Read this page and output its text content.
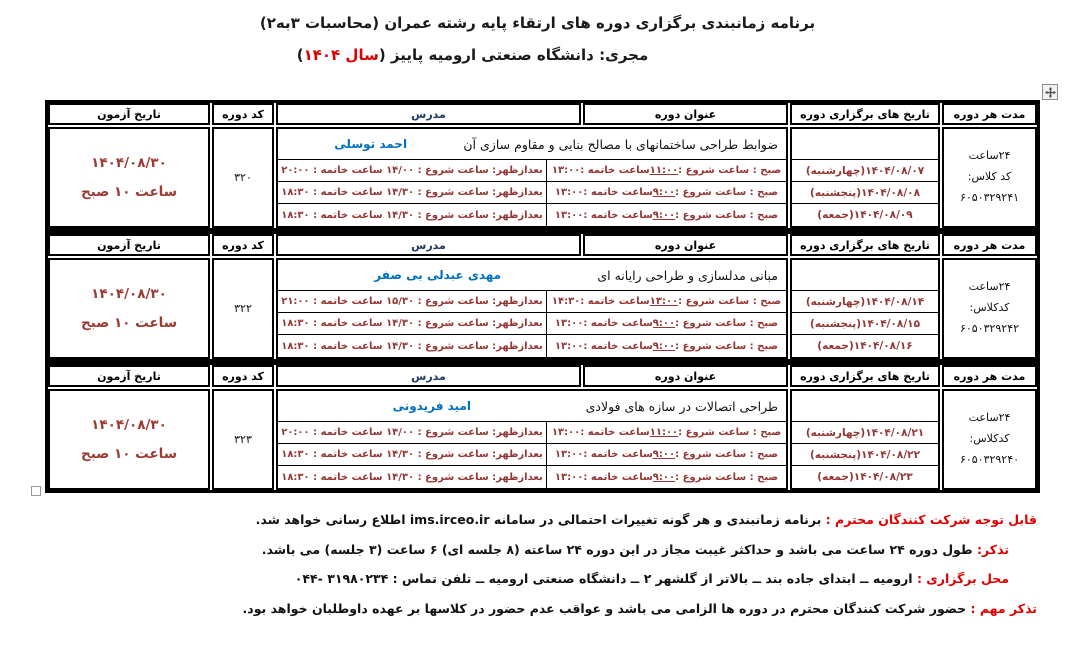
برنامه زمانبندی برگزاری دوره های ارتقاء پایه رشته عمران (محاسبات ۳به۲)
مجری: دانشگاه صنعتی ارومیه پاییز (سال ۱۴۰۴)
مدت هر دوره
تاریخ های برگزاری دوره
عنوان دوره
مدرس
کد دوره
تاریخ آزمون
۲۴ساعت
کد کلاس:
۶۰۵۰۳۲۹۲۴۱
۱۴۰۴/۰۸/۰۷(چهارشنبه)
۱۴۰۴/۰۸/۰۸(پنجشنبه)
۱۴۰۴/۰۸/۰۹(جمعه)
ضوابط طراحی ساختمانهای با مصالح بنایی و مقاوم سازی آن
احمد توسلی
صبح : ساعت شروع :
۱۱:۰۰
ساعت خاتمه :
۱۳:۰۰
بعدازظهر: ساعت شروع : ۱۴/۰۰ ساعت خاتمه : ۲۰:۰۰
صبح : ساعت شروع :
۹:۰۰
ساعت خاتمه :
۱۳:۰۰
بعدازظهر: ساعت شروع : ۱۴/۳۰ ساعت خاتمه : ۱۸:۳۰
صبح : ساعت شروع :
۹:۰۰
ساعت خاتمه :
۱۳:۰۰
بعدازظهر: ساعت شروع : ۱۴/۳۰ ساعت خاتمه : ۱۸:۳۰
۳۲۰
۱۴۰۴/۰۸/۳۰
ساعت ۱۰ صبح
مدت هر دوره
تاریخ های برگزاری دوره
عنوان دوره
مدرس
کد دوره
تاریخ آزمون
۲۴ساعت
کدکلاس:
۶۰۵۰۳۲۹۲۴۲
۱۴۰۴/۰۸/۱۴(چهارشنبه)
۱۴۰۴/۰۸/۱۵(پنجشنبه)
۱۴۰۴/۰۸/۱۶(جمعه)
مبانی مدلسازی و طراحی رایانه ای
مهدی عبدلی بی صفر
صبح : ساعت شروع :
۱۳:۰۰
ساعت خاتمه :
۱۴:۳۰
بعدازظهر: ساعت شروع : ۱۵/۳۰ ساعت خاتمه : ۲۱:۰۰
صبح : ساعت شروع :
۹:۰۰
ساعت خاتمه :
۱۳:۰۰
بعدازظهر: ساعت شروع : ۱۴/۳۰ ساعت خاتمه : ۱۸:۳۰
صبح : ساعت شروع :
۹:۰۰
ساعت خاتمه :
۱۳:۰۰
بعدازظهر: ساعت شروع : ۱۴/۳۰ ساعت خاتمه : ۱۸:۳۰
۳۲۲
۱۴۰۴/۰۸/۳۰
ساعت ۱۰ صبح
مدت هر دوره
تاریخ های برگزاری دوره
عنوان دوره
مدرس
کد دوره
تاریخ آزمون
۲۴ساعت
کدکلاس:
۶۰۵۰۳۲۹۲۴۰
۱۴۰۴/۰۸/۲۱(چهارشنبه)
۱۴۰۴/۰۸/۲۲(پنجشنبه)
۱۴۰۴/۰۸/۲۳(جمعه)
طراحی اتصالات در سازه های فولادی
امید فریدونی
صبح : ساعت شروع :
۱۱:۰۰
ساعت خاتمه :
۱۳:۰۰
بعدازظهر: ساعت شروع : ۱۴/۰۰ ساعت خاتمه : ۲۰:۰۰
صبح : ساعت شروع :
۹:۰۰
ساعت خاتمه :
۱۳:۰۰
بعدازظهر: ساعت شروع : ۱۴/۳۰ ساعت خاتمه : ۱۸:۳۰
صبح : ساعت شروع :
۹:۰۰
ساعت خاتمه :
۱۳:۰۰
بعدازظهر: ساعت شروع : ۱۴/۳۰ ساعت خاتمه : ۱۸:۳۰
۳۲۳
۱۴۰۴/۰۸/۳۰
ساعت ۱۰ صبح
قابل توجه شرکت کنندگان محترم : برنامه زمانبندی و هر گونه تغییرات احتمالی در سامانه ims.irceo.ir اطلاع رسانی خواهد شد.
تذکر: طول دوره ۲۴ ساعت می باشد و حداکثر غیبت مجاز در این دوره ۲۴ ساعته (۸ جلسه ای) ۶ ساعت (۳ جلسه) می باشد.
محل برگزاری : ارومیه ــ ابتدای جاده بند ــ بالاتر از گلشهر ۲ ــ دانشگاه صنعتی ارومیه ــ تلفن تماس : ۳۱۹۸۰۲۳۴ -۰۴۴
تذکر مهم : حضور شرکت کنندگان محترم در دوره ها الزامی می باشد و عواقب عدم حضور در کلاسها بر عهده داوطلبان خواهد بود.
